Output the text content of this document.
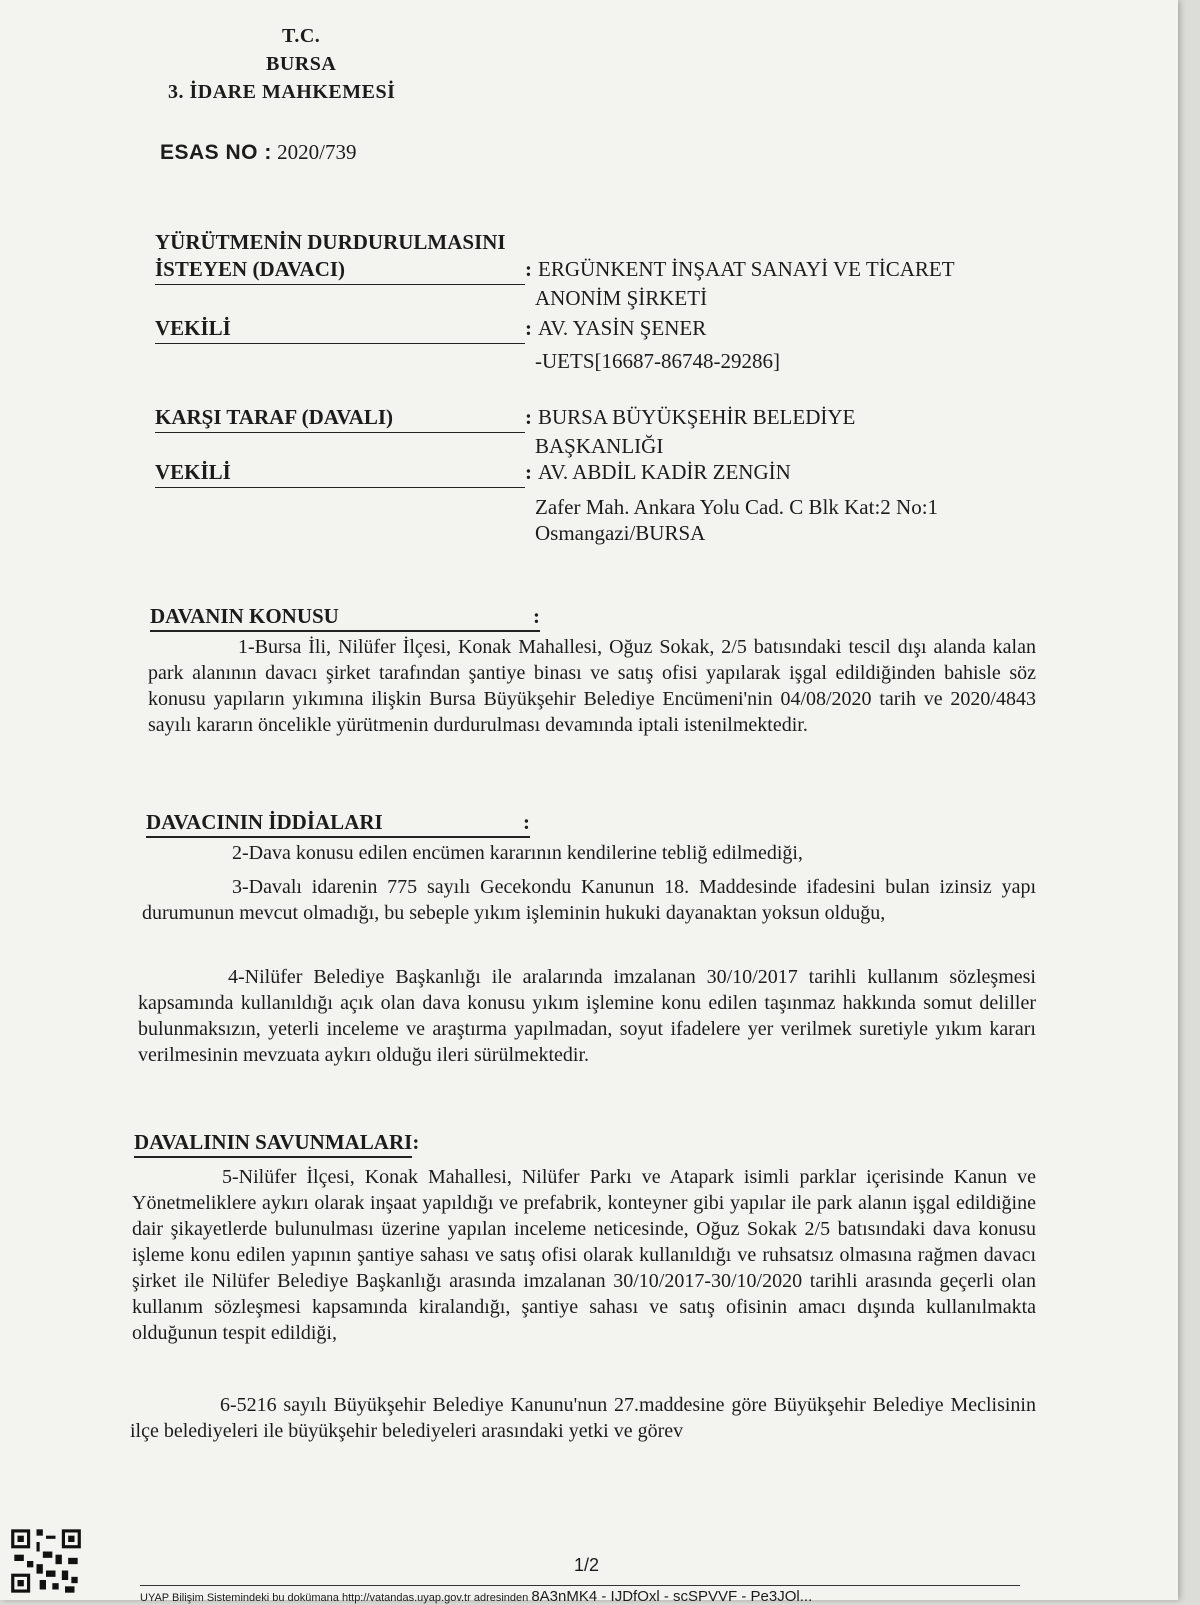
T.C.
BURSA
3. İDARE MAHKEMESİ
ESAS NO : 2020/739
YÜRÜTMENİN DURDURULMASINI
İSTEYEN (DAVACI)	: ERGÜNKENT İNŞAAT SANAYİ VE TİCARET
ANONİM ŞİRKETİ
VEKİLİ	: AV. YASİN ŞENER
-UETS[16687-86748-29286]
KARŞI TARAF (DAVALI)	: BURSA BÜYÜKŞEHİR BELEDİYE
BAŞKANLIĞI
VEKİLİ	: AV. ABDİL KADİR ZENGİN
Zafer Mah. Ankara Yolu Cad. C Blk Kat:2 No:1
Osmangazi/BURSA
DAVANIN KONUSU	:
1-Bursa İli, Nilüfer İlçesi, Konak Mahallesi, Oğuz Sokak, 2/5 batısındaki tescil dışı alanda kalan park alanının davacı şirket tarafından şantiye binası ve satış ofisi yapılarak işgal edildiğinden bahisle söz konusu yapıların yıkımına ilişkin Bursa Büyükşehir Belediye Encümeni'nin 04/08/2020 tarih ve 2020/4843 sayılı kararın öncelikle yürütmenin durdurulması devamında iptali istenilmektedir.
DAVACININ İDDİALARI	:
2-Dava konusu edilen encümen kararının kendilerine tebliğ edilmediği,
3-Davalı idarenin 775 sayılı Gecekondu Kanunun 18. Maddesinde ifadesini bulan izinsiz yapı durumunun mevcut olmadığı, bu sebeple yıkım işleminin hukuki dayanaktan yoksun olduğu,
4-Nilüfer Belediye Başkanlığı ile aralarında imzalanan 30/10/2017 tarihli kullanım sözleşmesi kapsamında kullanıldığı açık olan dava konusu yıkım işlemine konu edilen taşınmaz hakkında somut deliller bulunmaksızın, yeterli inceleme ve araştırma yapılmadan, soyut ifadelere yer verilmek suretiyle yıkım kararı verilmesinin mevzuata aykırı olduğu ileri sürülmektedir.
DAVALININ SAVUNMALARI:
5-Nilüfer İlçesi, Konak Mahallesi, Nilüfer Parkı ve Atapark isimli parklar içerisinde Kanun ve Yönetmeliklere aykırı olarak inşaat yapıldığı ve prefabrik, konteyner gibi yapılar ile park alanın işgal edildiğine dair şikayetlerde bulunulması üzerine yapılan inceleme neticesinde, Oğuz Sokak 2/5 batısındaki dava konusu işleme konu edilen yapının şantiye sahası ve satış ofisi olarak kullanıldığı ve ruhsatsız olmasına rağmen davacı şirket ile Nilüfer Belediye Başkanlığı arasında imzalanan 30/10/2017-30/10/2020 tarihli arasında geçerli olan kullanım sözleşmesi kapsamında kiralandığı, şantiye sahası ve satış ofisinin amacı dışında kullanılmakta olduğunun tespit edildiği,
6-5216 sayılı Büyükşehir Belediye Kanunu'nun 27.maddesine göre Büyükşehir Belediye Meclisinin ilçe belediyeleri ile büyükşehir belediyeleri arasındaki yetki ve görev
1/2
UYAP Bilişim Sistemindeki bu dokümana http://vatandas.uyap.gov.tr adresinden 8A3nMK4 - IJDfOxl - scSPVVF - Pe3JOl...
